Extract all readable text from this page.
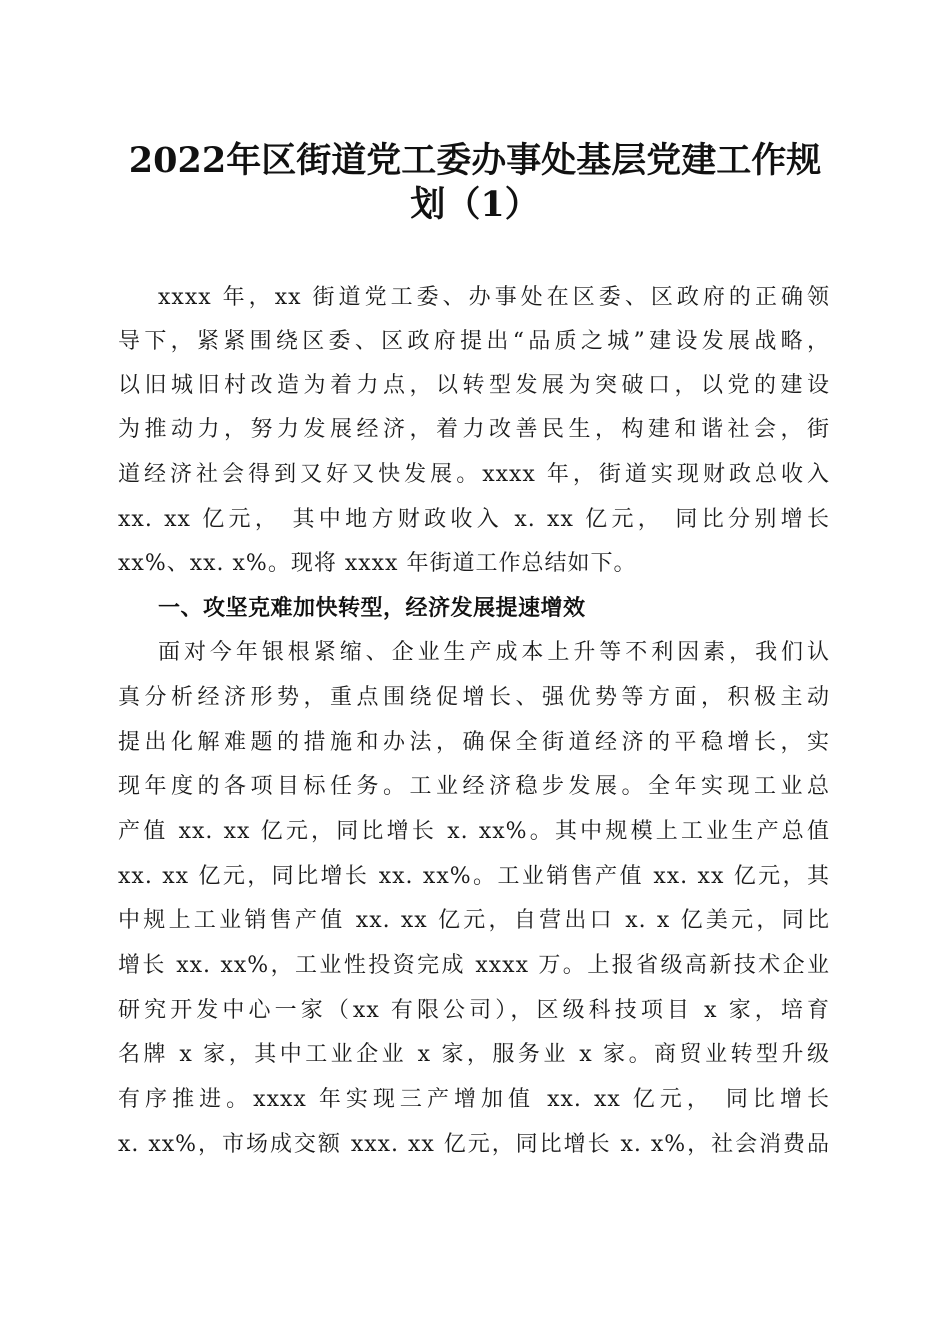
2022年区街道党工委办事处基层党建工作规
划（1）
xxxx 年，xx 街道党工委、办事处在区委、区政府的正确领
导下，紧紧围绕区委、区政府提出“品质之城”建设发展战略，
以旧城旧村改造为着力点，以转型发展为突破口，以党的建设
为推动力，努力发展经济，着力改善民生，构建和谐社会，街
道经济社会得到又好又快发展。xxxx 年，街道实现财政总收入
xx. xx 亿元， 其中地方财政收入 x. xx 亿元， 同比分别增长
xx%、xx. x%。现将 xxxx 年街道工作总结如下。
一、攻坚克难加快转型，经济发展提速增效
面对今年银根紧缩、企业生产成本上升等不利因素，我们认
真分析经济形势，重点围绕促增长、强优势等方面，积极主动
提出化解难题的措施和办法，确保全街道经济的平稳增长，实
现年度的各项目标任务。工业经济稳步发展。全年实现工业总
产值 xx. xx 亿元，同比增长 x. xx%。其中规模上工业生产总值
xx. xx 亿元，同比增长 xx. xx%。工业销售产值 xx. xx 亿元，其
中规上工业销售产值 xx. xx 亿元，自营出口 x. x 亿美元，同比
增长 xx. xx%，工业性投资完成 xxxx 万。上报省级高新技术企业
研究开发中心一家（xx 有限公司），区级科技项目 x 家，培育
名牌 x 家，其中工业企业 x 家，服务业 x 家。商贸业转型升级
有序推进。xxxx 年实现三产增加值 xx. xx 亿元， 同比增长
x. xx%，市场成交额 xxx. xx 亿元，同比增长 x. x%，社会消费品
